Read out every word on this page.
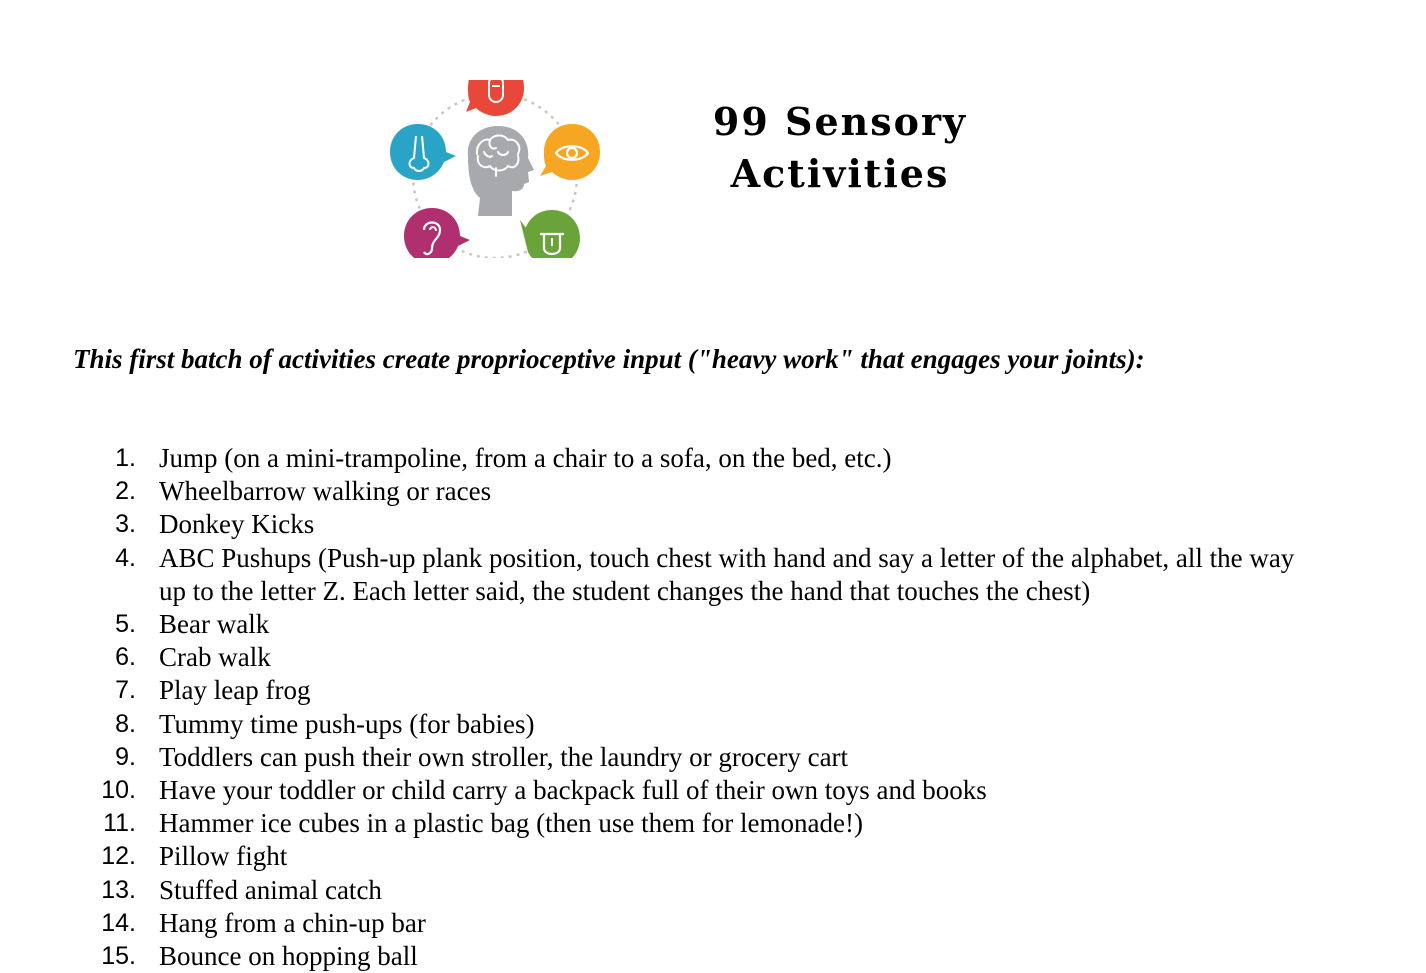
99 Sensory
Activities
This first batch of activities create proprioceptive input ("heavy work" that engages your joints):
1. Jump (on a mini-trampoline, from a chair to a sofa, on the bed, etc.)
2. Wheelbarrow walking or races
3. Donkey Kicks
4. ABC Pushups (Push-up plank position, touch chest with hand and say a letter of the alphabet, all the way up to the letter Z. Each letter said, the student changes the hand that touches the chest)
5. Bear walk
6. Crab walk
7. Play leap frog
8. Tummy time push-ups (for babies)
9. Toddlers can push their own stroller, the laundry or grocery cart
10. Have your toddler or child carry a backpack full of their own toys and books
11. Hammer ice cubes in a plastic bag (then use them for lemonade!)
12. Pillow fight
13. Stuffed animal catch
14. Hang from a chin-up bar
15. Bounce on hopping ball
